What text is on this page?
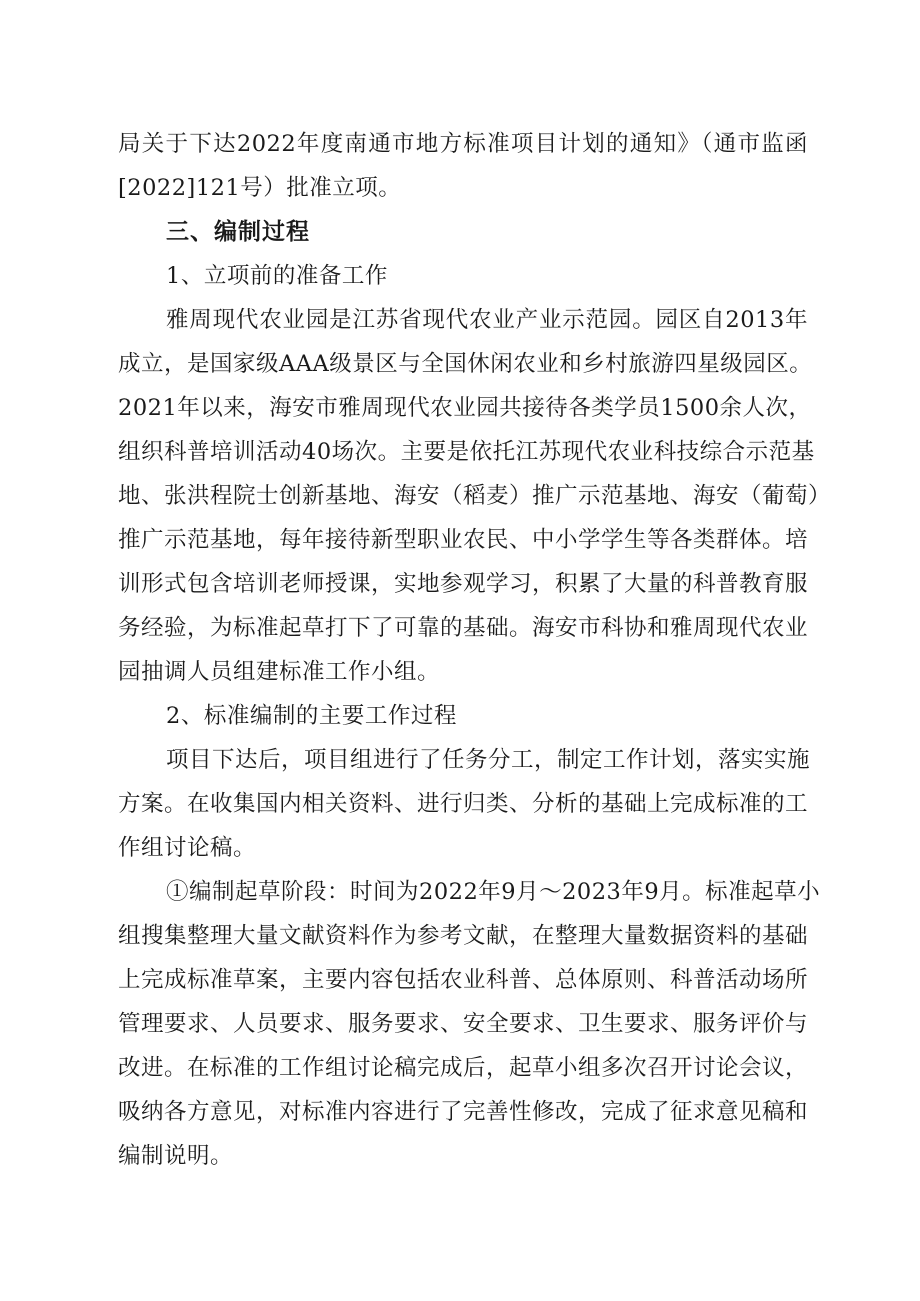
局关于下达2022年度南通市地方标准项目计划的通知》（通市监函
[2022]121号）批准立项。
三、编制过程
1、立项前的准备工作
雅周现代农业园是江苏省现代农业产业示范园。园区自2013年
成立，是国家级AAA级景区与全国休闲农业和乡村旅游四星级园区。
2021年以来，海安市雅周现代农业园共接待各类学员1500余人次，
组织科普培训活动40场次。主要是依托江苏现代农业科技综合示范基
地、张洪程院士创新基地、海安（稻麦）推广示范基地、海安（葡萄）
推广示范基地，每年接待新型职业农民、中小学学生等各类群体。培
训形式包含培训老师授课，实地参观学习，积累了大量的科普教育服
务经验，为标准起草打下了可靠的基础。海安市科协和雅周现代农业
园抽调人员组建标准工作小组。
2、标准编制的主要工作过程
项目下达后，项目组进行了任务分工，制定工作计划，落实实施
方案。在收集国内相关资料、进行归类、分析的基础上完成标准的工
作组讨论稿。
①编制起草阶段：时间为2022年9月～2023年9月。标准起草小
组搜集整理大量文献资料作为参考文献，在整理大量数据资料的基础
上完成标准草案，主要内容包括农业科普、总体原则、科普活动场所
管理要求、人员要求、服务要求、安全要求、卫生要求、服务评价与
改进。在标准的工作组讨论稿完成后，起草小组多次召开讨论会议，
吸纳各方意见，对标准内容进行了完善性修改，完成了征求意见稿和
编制说明。
